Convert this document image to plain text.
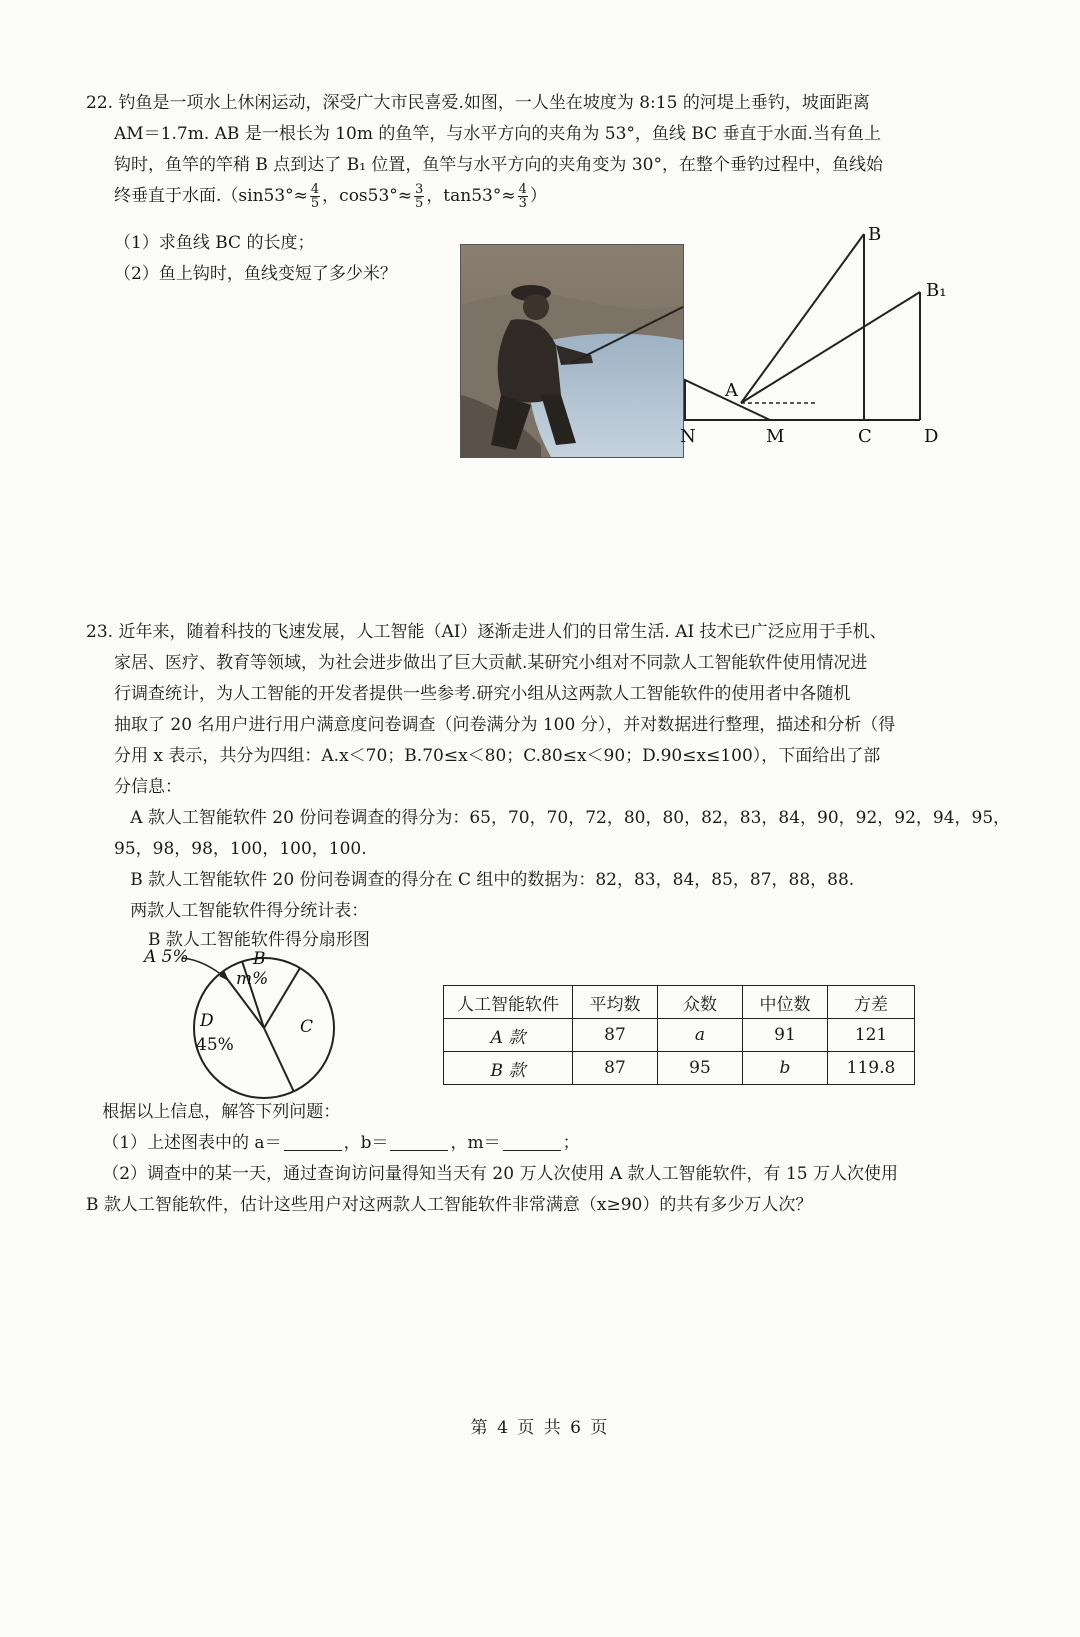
22. 钓鱼是一项水上休闲运动，深受广大市民喜爱.如图，一人坐在坡度为 8:15 的河堤上垂钓，坡面距离
AM＝1.7m. AB 是一根长为 10m 的鱼竿，与水平方向的夹角为 53°，鱼线 BC 垂直于水面.当有鱼上
钩时，鱼竿的竿稍 B 点到达了 B₁ 位置，鱼竿与水平方向的夹角变为 30°，在整个垂钓过程中，鱼线始
终垂直于水面$.(\sin 53^\circ\approx \frac{4}{5}$ ，$\cos 53^\circ\approx \frac{3}{5}$ ，$\tan 53^\circ\approx \frac{4}{3}$ ）
（1）求鱼线 BC 的长度；
（2）鱼上钩时，鱼线变短了多少米？
B
B₁
A
N	M	C	D
23. 近年来，随着科技的飞速发展，人工智能（AI）逐渐走进人们的日常生活. AI 技术已广泛应用于手机、
家居、医疗、教育等领域，为社会进步做出了巨大贡献.某研究小组对不同款人工智能软件使用情况进
行调查统计，为人工智能的开发者提供一些参考.研究小组从这两款人工智能软件的使用者中各随机
抽取了 20 名用户进行用户满意度问卷调查（问卷满分为 100 分），并对数据进行整理，描述和分析（得
分用 x 表示，共分为四组：A.x＜70；B.70≤x＜80；C.80≤x＜90；D.90≤x≤100），下面给出了部
分信息：
A 款人工智能软件 20 份问卷调查的得分为：65，70，70，72，80，80，82，83，84，90，92，92，94，95，
95，98，98，100，100，100.
B 款人工智能软件 20 份问卷调查的得分在 C 组中的数据为：82，83，84，85，87，88，88.
两款人工智能软件得分统计表：
B 款人工智能软件得分扇形图
A 5%	B
m%
C
D
45%
人工智能软件	平均数	众数	中位数	方差
A 款	87	a	91	121
B 款	87	95	b	119.8
根据以上信息，解答下列问题：
（1）上述图表中的 a＝	，b＝	，m＝	；
（2）调查中的某一天，通过查询访问量得知当天有 20 万人次使用 A 款人工智能软件，有 15 万人次使用
B 款人工智能软件，估计这些用户对这两款人工智能软件非常满意（x≥90）的共有多少万人次？
第 4 页 共 6 页
